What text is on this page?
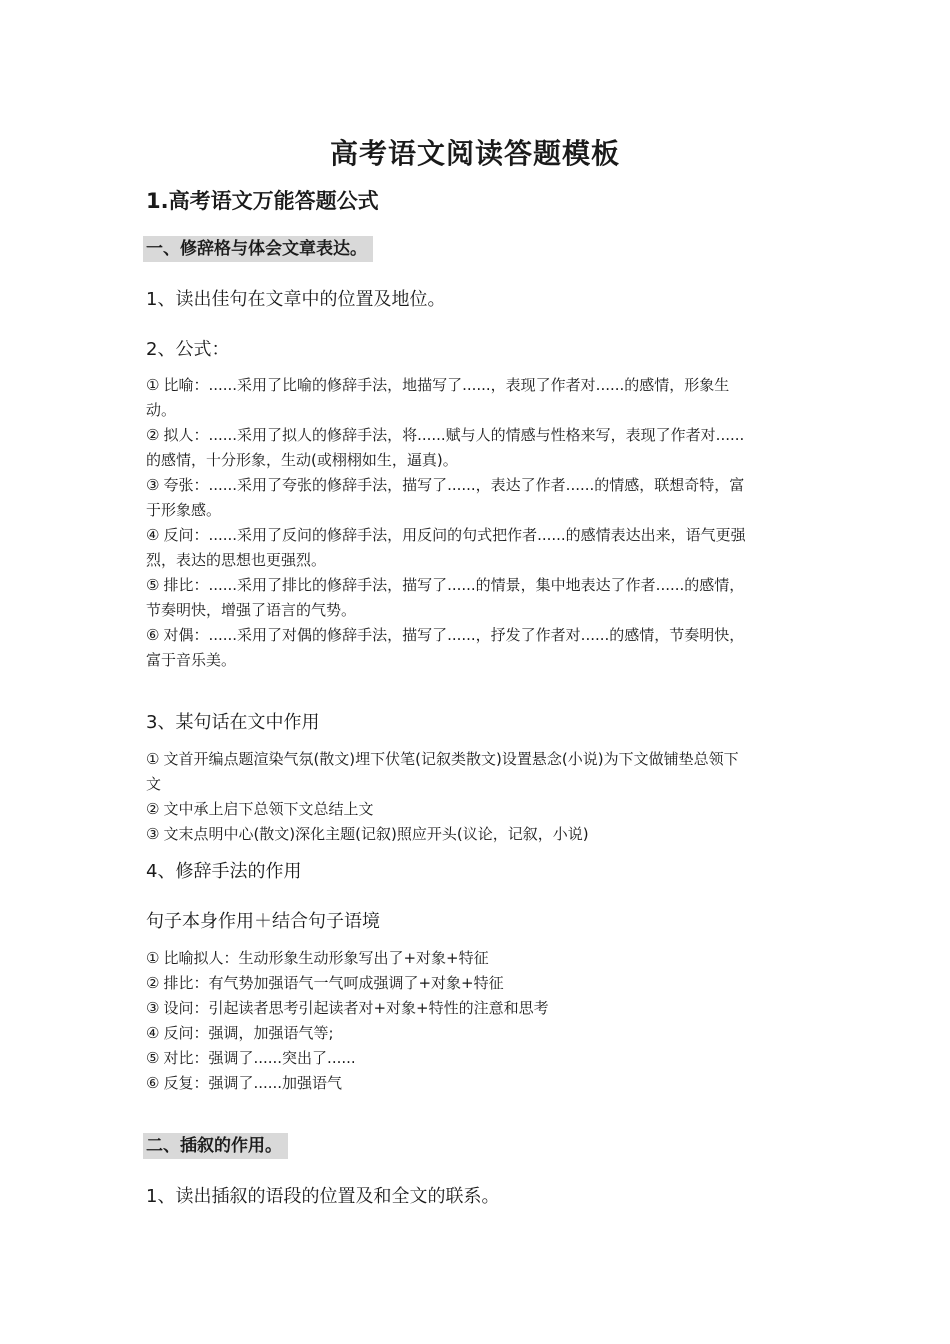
高考语文阅读答题模板
1.高考语文万能答题公式
一、修辞格与体会文章表达。

1、读出佳句在文章中的位置及地位。

2、公式：

① 比喻：......采用了比喻的修辞手法，地描写了......，表现了作者对......的感情，形象生

动。

② 拟人：......采用了拟人的修辞手法，将......赋与人的情感与性格来写，表现了作者对......

的感情，十分形象，生动(或栩栩如生，逼真)。

③ 夸张：......采用了夸张的修辞手法，描写了......，表达了作者......的情感，联想奇特，富

于形象感。

④ 反问：......采用了反问的修辞手法，用反问的句式把作者......的感情表达出来，语气更强

烈，表达的思想也更强烈。

⑤ 排比：......采用了排比的修辞手法，描写了......的情景，集中地表达了作者......的感情，

节奏明快，增强了语言的气势。

⑥ 对偶：......采用了对偶的修辞手法，描写了......，抒发了作者对......的感情，节奏明快，

富于音乐美。

3、某句话在文中作用

① 文首开编点题渲染气氛(散文)埋下伏笔(记叙类散文)设置悬念(小说)为下文做铺垫总领下

文

② 文中承上启下总领下文总结上文

③ 文末点明中心(散文)深化主题(记叙)照应开头(议论，记叙，小说)

4、修辞手法的作用

句子本身作用＋结合句子语境

① 比喻拟人：生动形象生动形象写出了+对象+特征

② 排比：有气势加强语气一气呵成强调了+对象+特征

③ 设问：引起读者思考引起读者对+对象+特性的注意和思考

④ 反问：强调，加强语气等;

⑤ 对比：强调了......突出了......

⑥ 反复：强调了......加强语气

二、插叙的作用。

1、读出插叙的语段的位置及和全文的联系。
